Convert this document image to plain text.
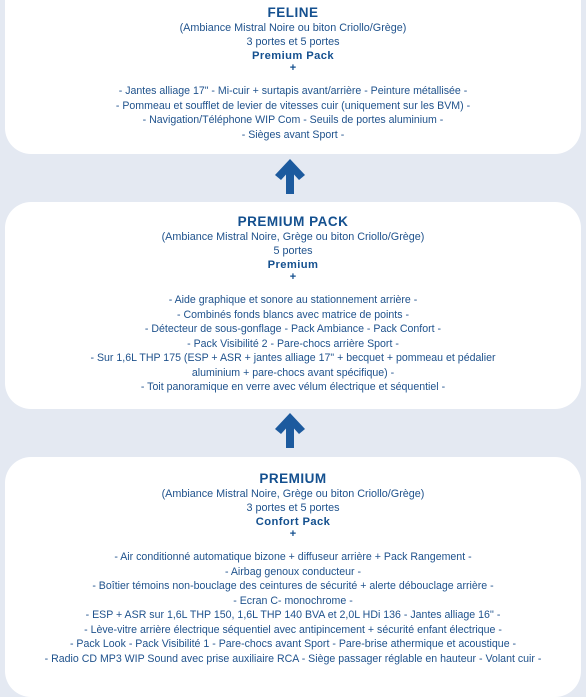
FELINE
(Ambiance Mistral Noire ou biton Criollo/Grège)
3 portes et 5 portes
Premium Pack
+
- Jantes alliage 17" - Mi-cuir + surtapis avant/arrière - Peinture métallisée -
- Pommeau et soufflet de levier de vitesses cuir (uniquement sur les BVM) -
- Navigation/Téléphone WIP Com - Seuils de portes aluminium -
- Sièges avant Sport -
PREMIUM PACK
(Ambiance Mistral Noire, Grège ou biton Criollo/Grège)
5 portes
Premium
+
- Aide graphique et sonore au stationnement arrière -
- Combinés fonds blancs avec matrice de points -
- Détecteur de sous-gonflage - Pack Ambiance - Pack Confort -
- Pack Visibilité 2 - Pare-chocs arrière Sport -
- Sur 1,6L THP 175 (ESP + ASR + jantes alliage 17" + becquet + pommeau et pédalier
aluminium + pare-chocs avant spécifique) -
- Toit panoramique en verre avec vélum électrique et séquentiel -
PREMIUM
(Ambiance Mistral Noire, Grège ou biton Criollo/Grège)
3 portes et 5 portes
Confort Pack
+
- Air conditionné automatique bizone + diffuseur arrière + Pack Rangement -
- Airbag genoux conducteur -
- Boîtier témoins non-bouclage des ceintures de sécurité + alerte débouclage arrière -
- Ecran C- monochrome -
- ESP + ASR sur 1,6L THP 150, 1,6L THP 140 BVA et 2,0L HDi 136 - Jantes alliage 16'' -
- Lève-vitre arrière électrique séquentiel avec antipincement + sécurité enfant électrique -
- Pack Look - Pack Visibilité 1 - Pare-chocs avant Sport - Pare-brise athermique et acoustique -
- Radio CD MP3 WIP Sound avec prise auxiliaire RCA - Siège passager réglable en hauteur - Volant cuir -
